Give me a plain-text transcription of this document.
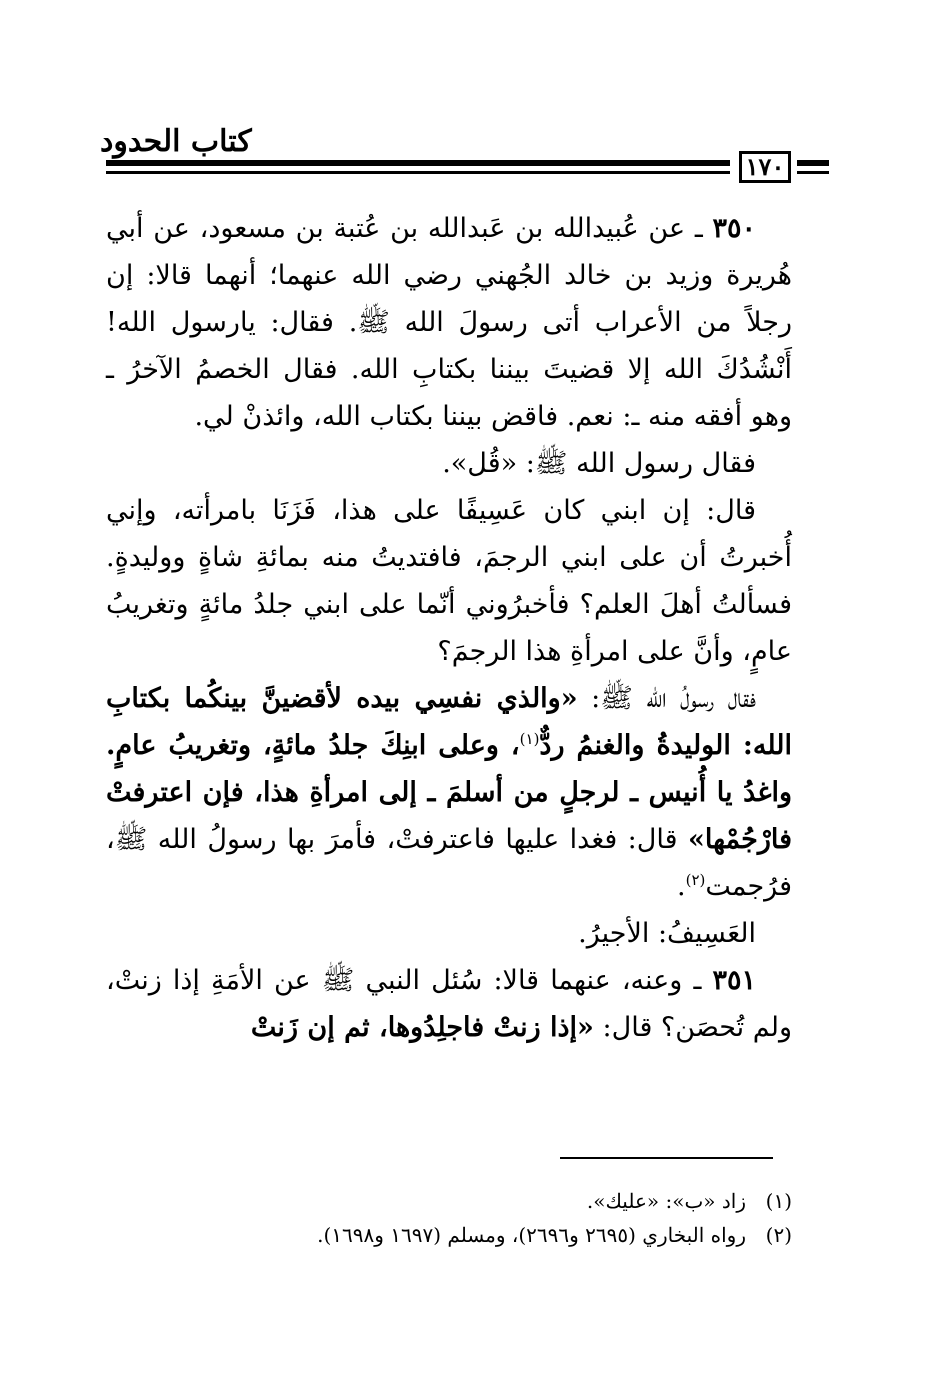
كتاب الحدود
١٧٠

٣٥٠ ـ عن عُبيدالله بن عَبدالله بن عُتبة بن مسعود، عن أبي هُريرة وزيد بن خالد الجُهني رضي الله عنهما؛ أنهما قالا: إن رجلاً من الأعراب أتى رسولَ الله ﷺ. فقال: يارسول الله! أَنْشُدُكَ الله إلا قضيتَ بيننا بكتابِ الله. فقال الخصمُ الآخرُ ـ وهو أفقه منه ـ: نعم. فاقض بيننا بكتاب الله، وائذنْ لي.

فقال رسول الله ﷺ: «قُل».

قال: إن ابني كان عَسِيفًا على هذا، فَزَنَا بامرأته، وإني أُخبرتُ أن على ابني الرجمَ، فافتديتُ منه بمائةِ شاةٍ ووليدةٍ. فسألتُ أهلَ العلم؟ فأخبرُوني أنّما على ابني جلدُ مائةٍ وتغريبُ عامٍ، وأنَّ على امرأةِ هذا الرجمَ؟

فقال رسولُ الله ﷺ: «والذي نفسِي بيده لأقضينَّ بينكُما بكتابِ الله: الوليدةُ والغنمُ ردٌّ$^{(١)}$، وعلى ابنِكَ جلدُ مائةٍ، وتغريبُ عامٍ. واغدُ يا أُنيس ـ لرجلٍ من أسلمَ ـ إلى امرأةِ هذا، فإن اعترفتْ فارْجُمْها» قال: فغدا عليها فاعترفتْ، فأمرَ بها رسولُ الله ﷺ، فرُجمت$^{(٢)}$.

العَسِيفُ: الأجيرُ.

٣٥١ ـ وعنه، عنهما قالا: سُئل النبي ﷺ عن الأمَةِ إذا زنتْ، ولم تُحصَن؟ قال: «إذا زنتْ فاجلِدُوها، ثم إن زَنتْ

(١)زاد «ب»: «عليك».
(٢)رواه البخاري (٢٦٩٥ و٢٦٩٦)، ومسلم (١٦٩٧ و١٦٩٨).
